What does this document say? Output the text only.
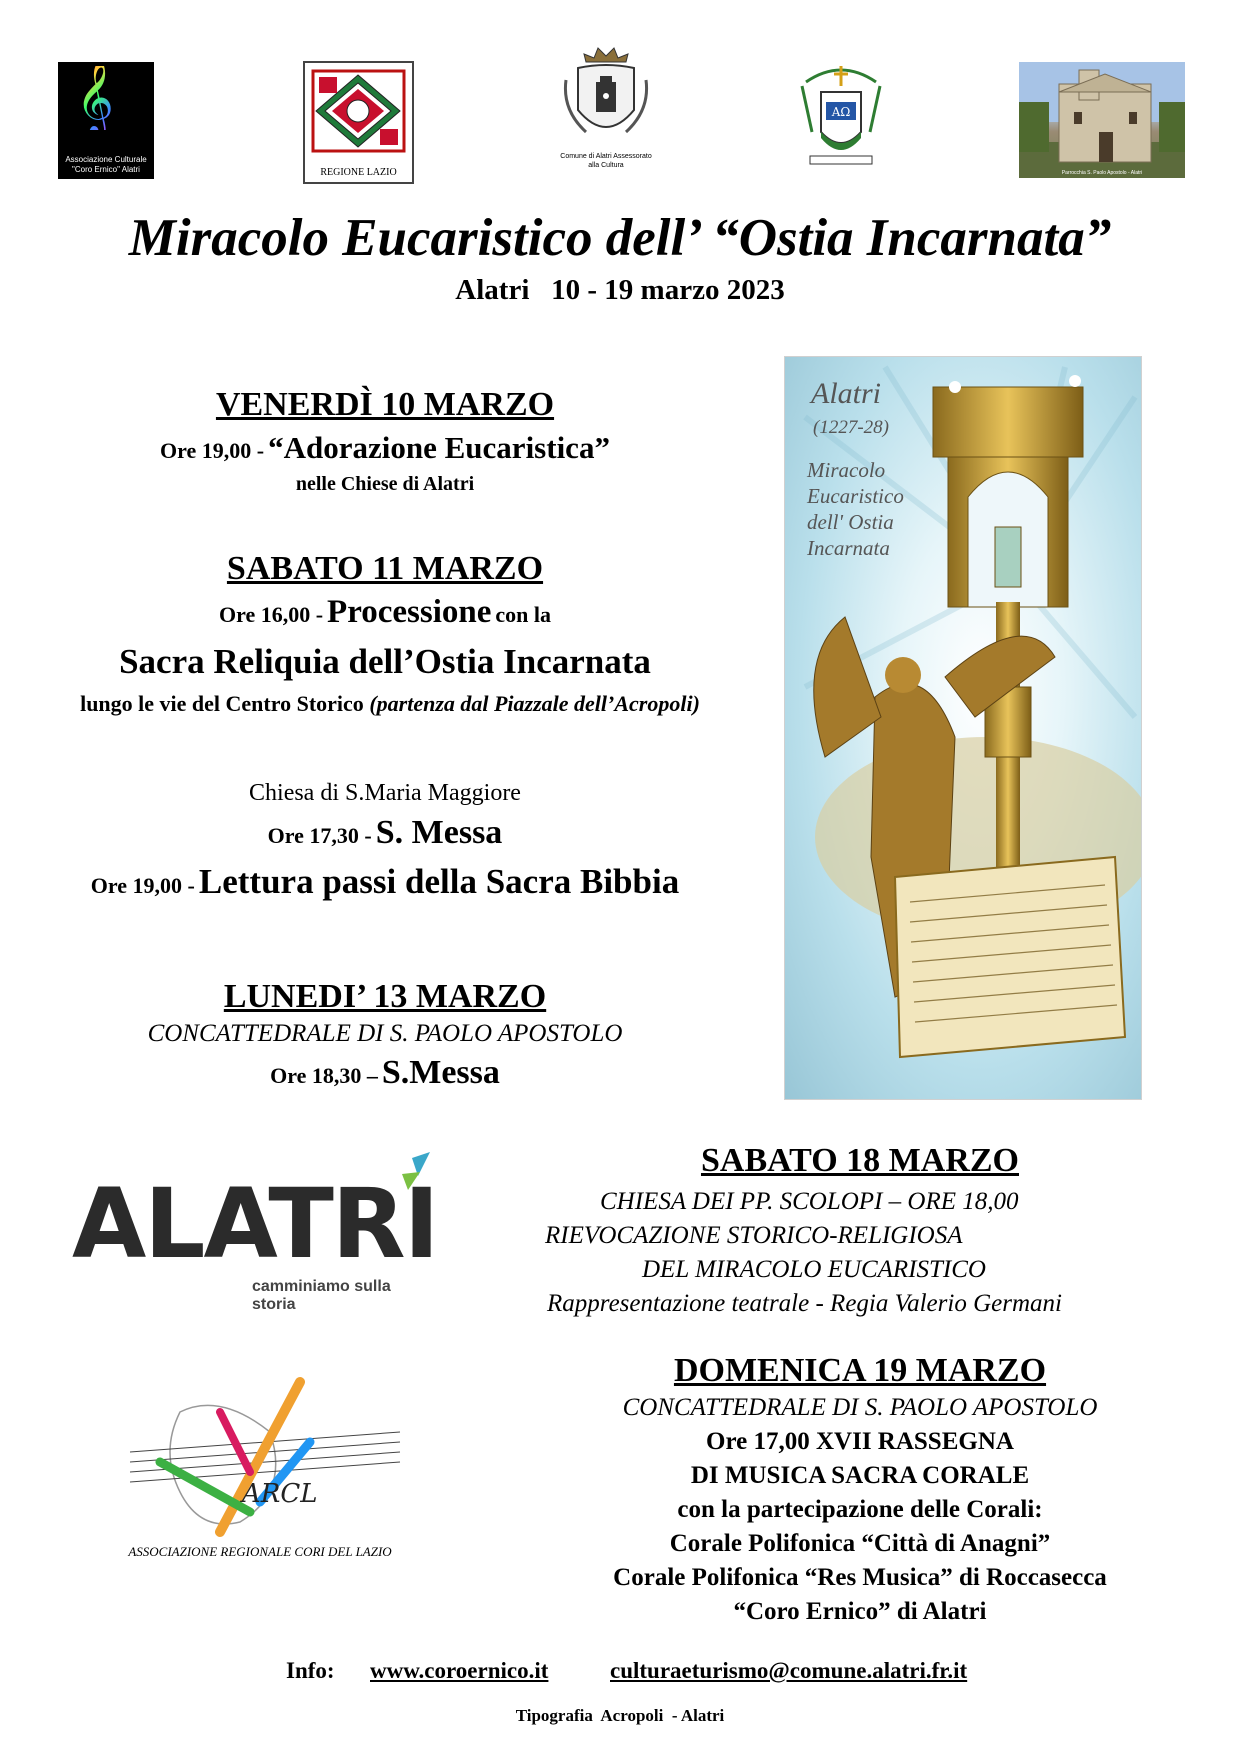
𝄞
Associazione Culturale "Coro Ernico" Alatri	REGIONE LAZIO
Comune di Alatri Assessorato alla Cultura
ΑΩ
Parrocchia S. Paolo Apostolo - Alatri
Miracolo Eucaristico dell’ “Ostia Incarnata”
Alatri   10 - 19 marzo 2023
VENERDÌ 10 MARZO
Ore 19,00 - “Adorazione Eucaristica”
nelle Chiese di Alatri
SABATO 11 MARZO
Ore 16,00 - Processione con la
Sacra Reliquia dell’Ostia Incarnata
lungo le vie del Centro Storico (partenza dal Piazzale dell’Acropoli)
Chiesa di S.Maria Maggiore
Ore 17,30 - S. Messa
Ore 19,00 - Lettura passi della Sacra Bibbia
LUNEDI’ 13 MARZO
CONCATTEDRALE DI S. PAOLO APOSTOLO
Ore 18,30 – S.Messa
Alatri
(1227-28)
Miracolo
Eucaristico
dell' Ostia
Incarnata
ALATRI
camminiamo sulla storia
ARCL
ASSOCIAZIONE REGIONALE CORI DEL LAZIO
SABATO 18 MARZO
CHIESA DEI PP. SCOLOPI – ORE 18,00
RIEVOCAZIONE STORICO-RELIGIOSA
DEL MIRACOLO EUCARISTICO
Rappresentazione teatrale - Regia Valerio Germani
DOMENICA 19 MARZO
CONCATTEDRALE DI S. PAOLO APOSTOLO
Ore 17,00 XVII RASSEGNA
DI MUSICA SACRA CORALE
con la partecipazione delle Corali:
Corale Polifonica “Città di Anagni”
Corale Polifonica “Res Musica” di Roccasecca
“Coro Ernico” di Alatri
Info: www.coroernico.it	culturaeturismo@comune.alatri.fr.it
Tipografia  Acropoli  - Alatri
